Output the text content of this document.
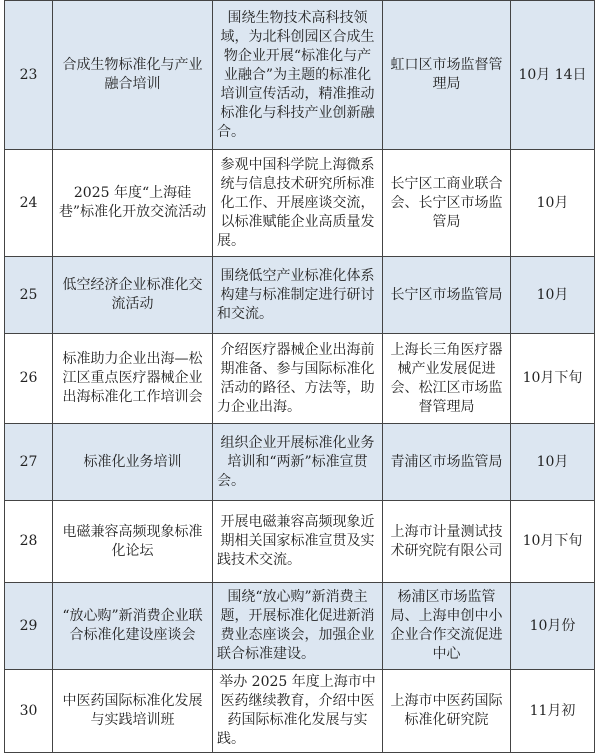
23	合成生物标准化与产业融合培训	围绕生物技术高科技领域，为北科创园区合成生物企业开展“标准化与产业融合”为主题的标准化培训宣传活动，精准推动标准化与科技产业创新融合。	虹口区市场监督管理局	10月 14日
24	2025 年度“上海硅巷”标准化开放交流活动	参观中国科学院上海微系统与信息技术研究所标准化工作、开展座谈交流，以标准赋能企业高质量发展。	长宁区工商业联合会、长宁区市场监管局	10月
25	低空经济企业标准化交流活动	围绕低空产业标准化体系构建与标准制定进行研讨和交流。	长宁区市场监管局	10月
26	标准助力企业出海—松江区重点医疗器械企业出海标准化工作培训会	介绍医疗器械企业出海前期准备、参与国际标准化活动的路径、方法等，助力企业出海。	上海长三角医疗器械产业发展促进会、松江区市场监督管理局	10月下旬
27	标准化业务培训	组织企业开展标准化业务培训和“两新”标准宣贯会。	青浦区市场监管局	10月
28	电磁兼容高频现象标准化论坛	开展电磁兼容高频现象近期相关国家标准宣贯及实践技术交流。	上海市计量测试技术研究院有限公司	10月下旬
29	“放心购”新消费企业联合标准化建设座谈会	围绕“放心购”新消费主题，开展标准化促进新消费业态座谈会，加强企业联合标准建设。	杨浦区市场监管局、上海申创中小企业合作交流促进中心	10月份
30	中医药国际标准化发展与实践培训班	举办 2025 年度上海市中医药继续教育，介绍中医药国际标准化发展与实践。	上海市中医药国际标准化研究院	11月初
